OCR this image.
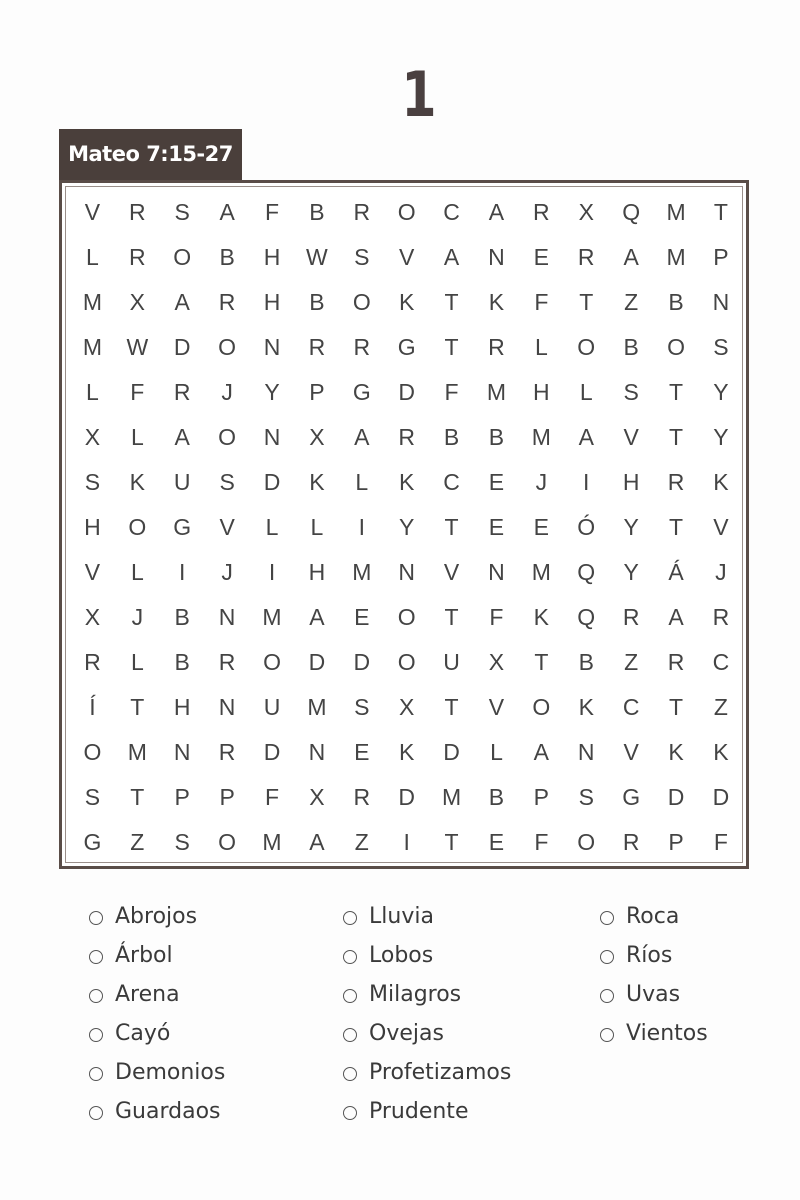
1
Mateo 7:15-27
V	R	S	A	F	B	R	O	C	A	R	X	Q	M	T
L	R	O	B	H	W	S	V	A	N	E	R	A	M	P
M	X	A	R	H	B	O	K	T	K	F	T	Z	B	N
M	W	D	O	N	R	R	G	T	R	L	O	B	O	S
L	F	R	J	Y	P	G	D	F	M	H	L	S	T	Y
X	L	A	O	N	X	A	R	B	B	M	A	V	T	Y
S	K	U	S	D	K	L	K	C	E	J	I	H	R	K
H	O	G	V	L	L	I	Y	T	E	E	Ó	Y	T	V
V	L	I	J	I	H	M	N	V	N	M	Q	Y	Á	J
X	J	B	N	M	A	E	O	T	F	K	Q	R	A	R
R	L	B	R	O	D	D	O	U	X	T	B	Z	R	C
Í	T	H	N	U	M	S	X	T	V	O	K	C	T	Z
O	M	N	R	D	N	E	K	D	L	A	N	V	K	K
S	T	P	P	F	X	R	D	M	B	P	S	G	D	D
G	Z	S	O	M	A	Z	I	T	E	F	O	R	P	F
Abrojos
Árbol
Arena
Cayó
Demonios
Guardaos
Lluvia
Lobos
Milagros
Ovejas
Profetizamos
Prudente
Roca
Ríos
Uvas
Vientos
